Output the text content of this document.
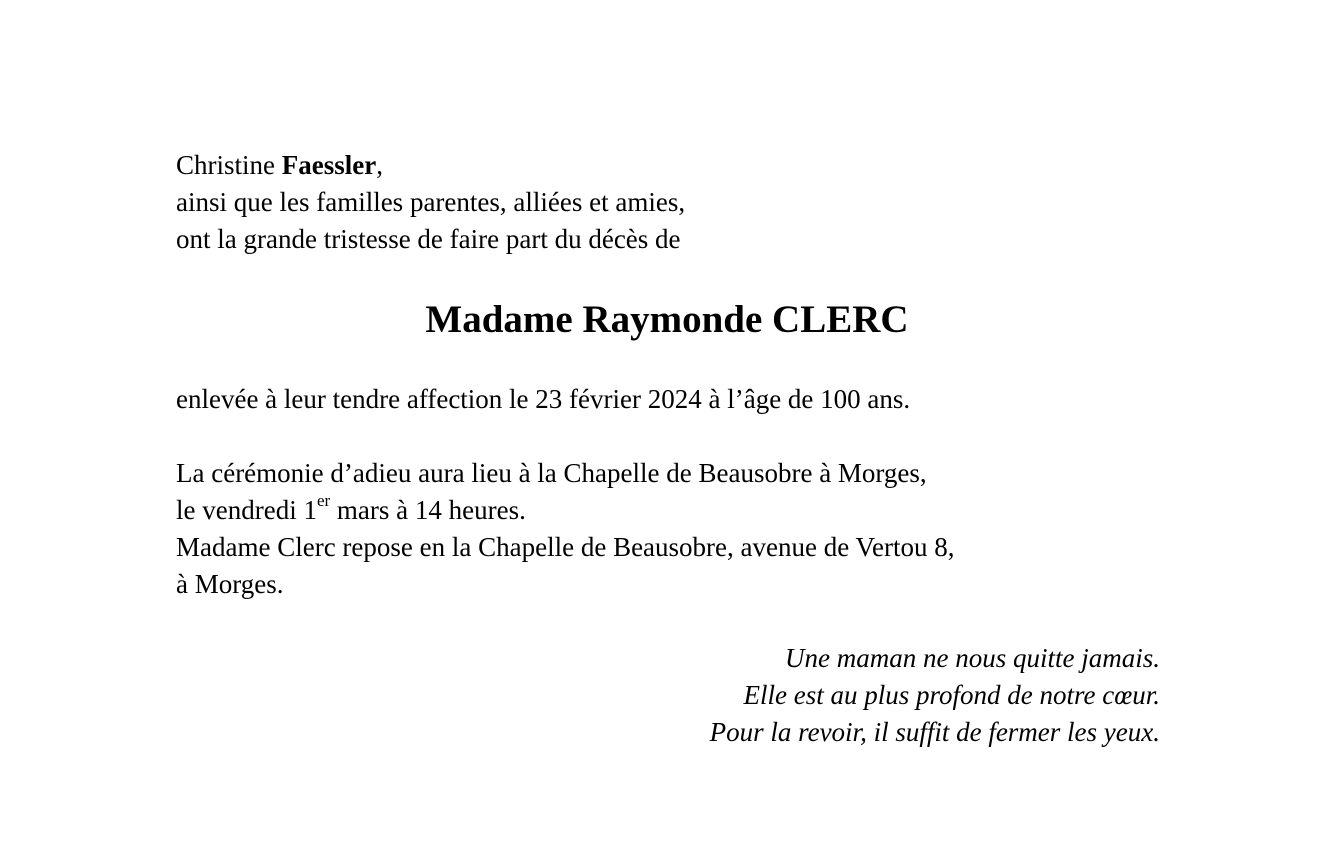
Christine Faessler,
ainsi que les familles parentes, alliées et amies,
ont la grande tristesse de faire part du décès de
Madame Raymonde CLERC
enlevée à leur tendre affection le 23 février 2024 à l’âge de 100 ans.
La cérémonie d’adieu aura lieu à la Chapelle de Beausobre à Morges,
le vendredi 1er mars à 14 heures.
Madame Clerc repose en la Chapelle de Beausobre, avenue de Vertou 8,
à Morges.
Une maman ne nous quitte jamais.
Elle est au plus profond de notre cœur.
Pour la revoir, il suffit de fermer les yeux.
